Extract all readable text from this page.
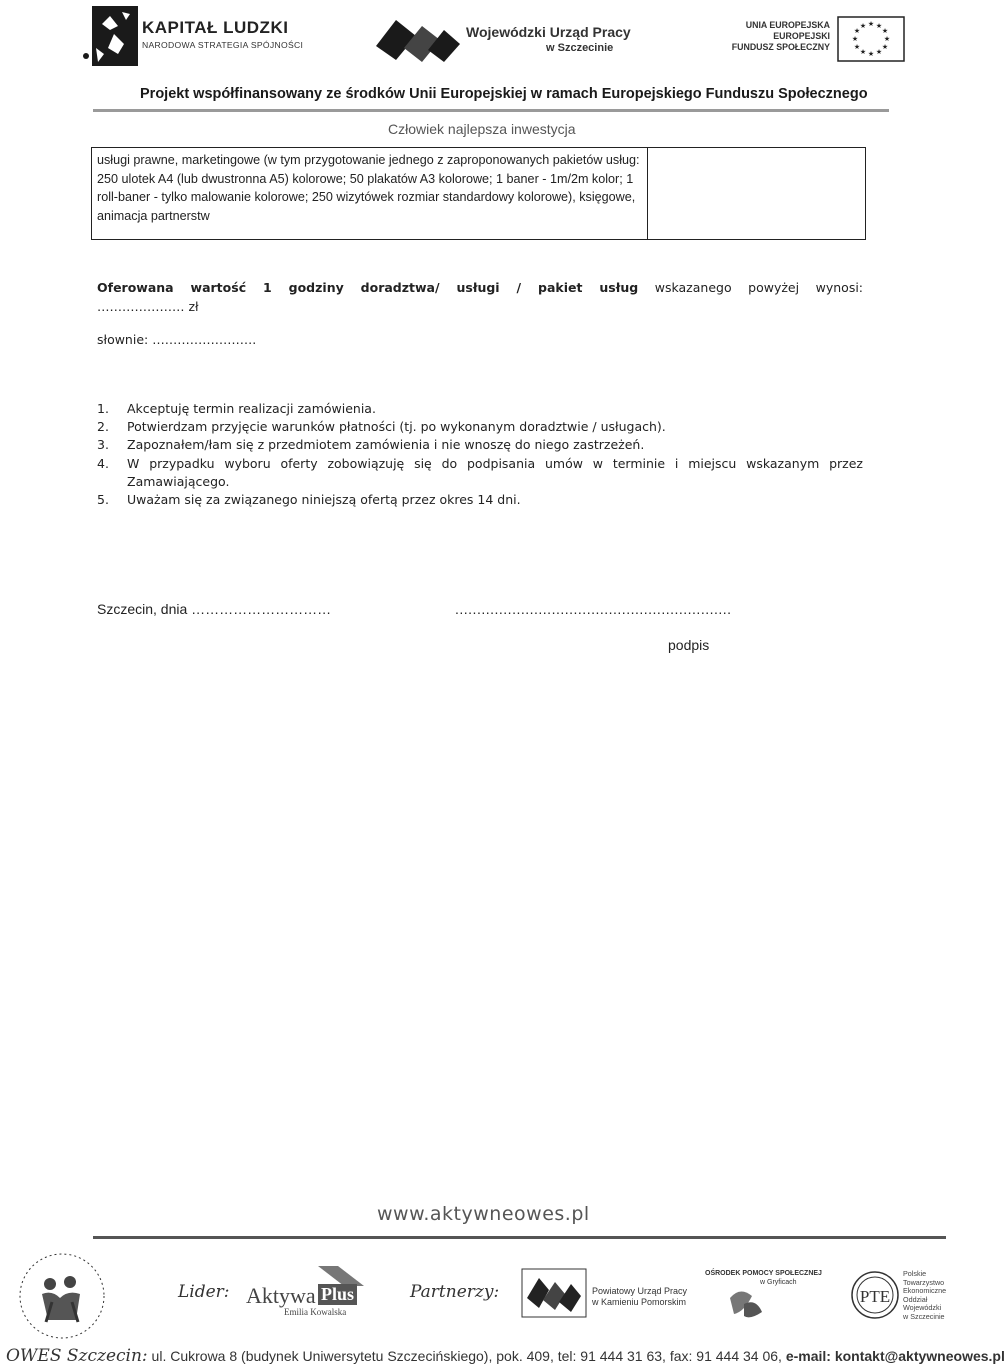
KAPITAŁ LUDZKI
NARODOWA STRATEGIA SPÓJNOŚCI
Wojewódzki Urząd Pracy
w Szczecinie
UNIA EUROPEJSKA
EUROPEJSKI
FUNDUSZ SPOŁECZNY
★ ★
★
★
★
★
★
★
★
★
★
★
Projekt współfinansowany ze środków Unii Europejskiej w ramach Europejskiego Funduszu Społecznego
Człowiek najlepsza inwestycja
usługi prawne, marketingowe (w tym przygotowanie jednego z zaproponowanych pakietów usług: 250 ulotek A4 (lub dwustronna A5) kolorowe; 50 plakatów A3 kolorowe; 1 baner - 1m/2m kolor; 1 roll-baner - tylko malowanie kolorowe; 250 wizytówek rozmiar standardowy kolorowe), księgowe, animacja partnerstw
Oferowana wartość 1 godziny doradztwa/ usługi / pakiet usług wskazanego powyżej wynosi:
………………… zł
słownie: …………………….
1. Akceptuję termin realizacji zamówienia.
2. Potwierdzam przyjęcie warunków płatności (tj. po wykonanym doradztwie / usługach).
3. Zapoznałem/łam się z przedmiotem zamówienia i nie wnoszę do niego zastrzeżeń.
4. W przypadku wyboru oferty zobowiązuję się do podpisania umów w terminie i miejscu wskazanym przez Zamawiającego.
5. Uważam się za związanego niniejszą ofertą przez okres 14 dni.
Szczecin, dnia …………………………	...............................................................
podpis
www.aktywneowes.pl
Lider: Aktywa Plus
Emilia Kowalska
Partnerzy:	Powiatowy Urząd Pracy
w Kamieniu Pomorskim
OŚRODEK POMOCY SPOŁECZNEJ
w Gryficach
PTE
Polskie
Towarzystwo
Ekonomiczne
Oddział
Wojewódzki
w Szczecinie
OWES Szczecin: ul. Cukrowa 8 (budynek Uniwersytetu Szczecińskiego), pok. 409, tel: 91 444 31 63, fax: 91 444 34 06, e-mail: kontakt@aktywneowes.pl
